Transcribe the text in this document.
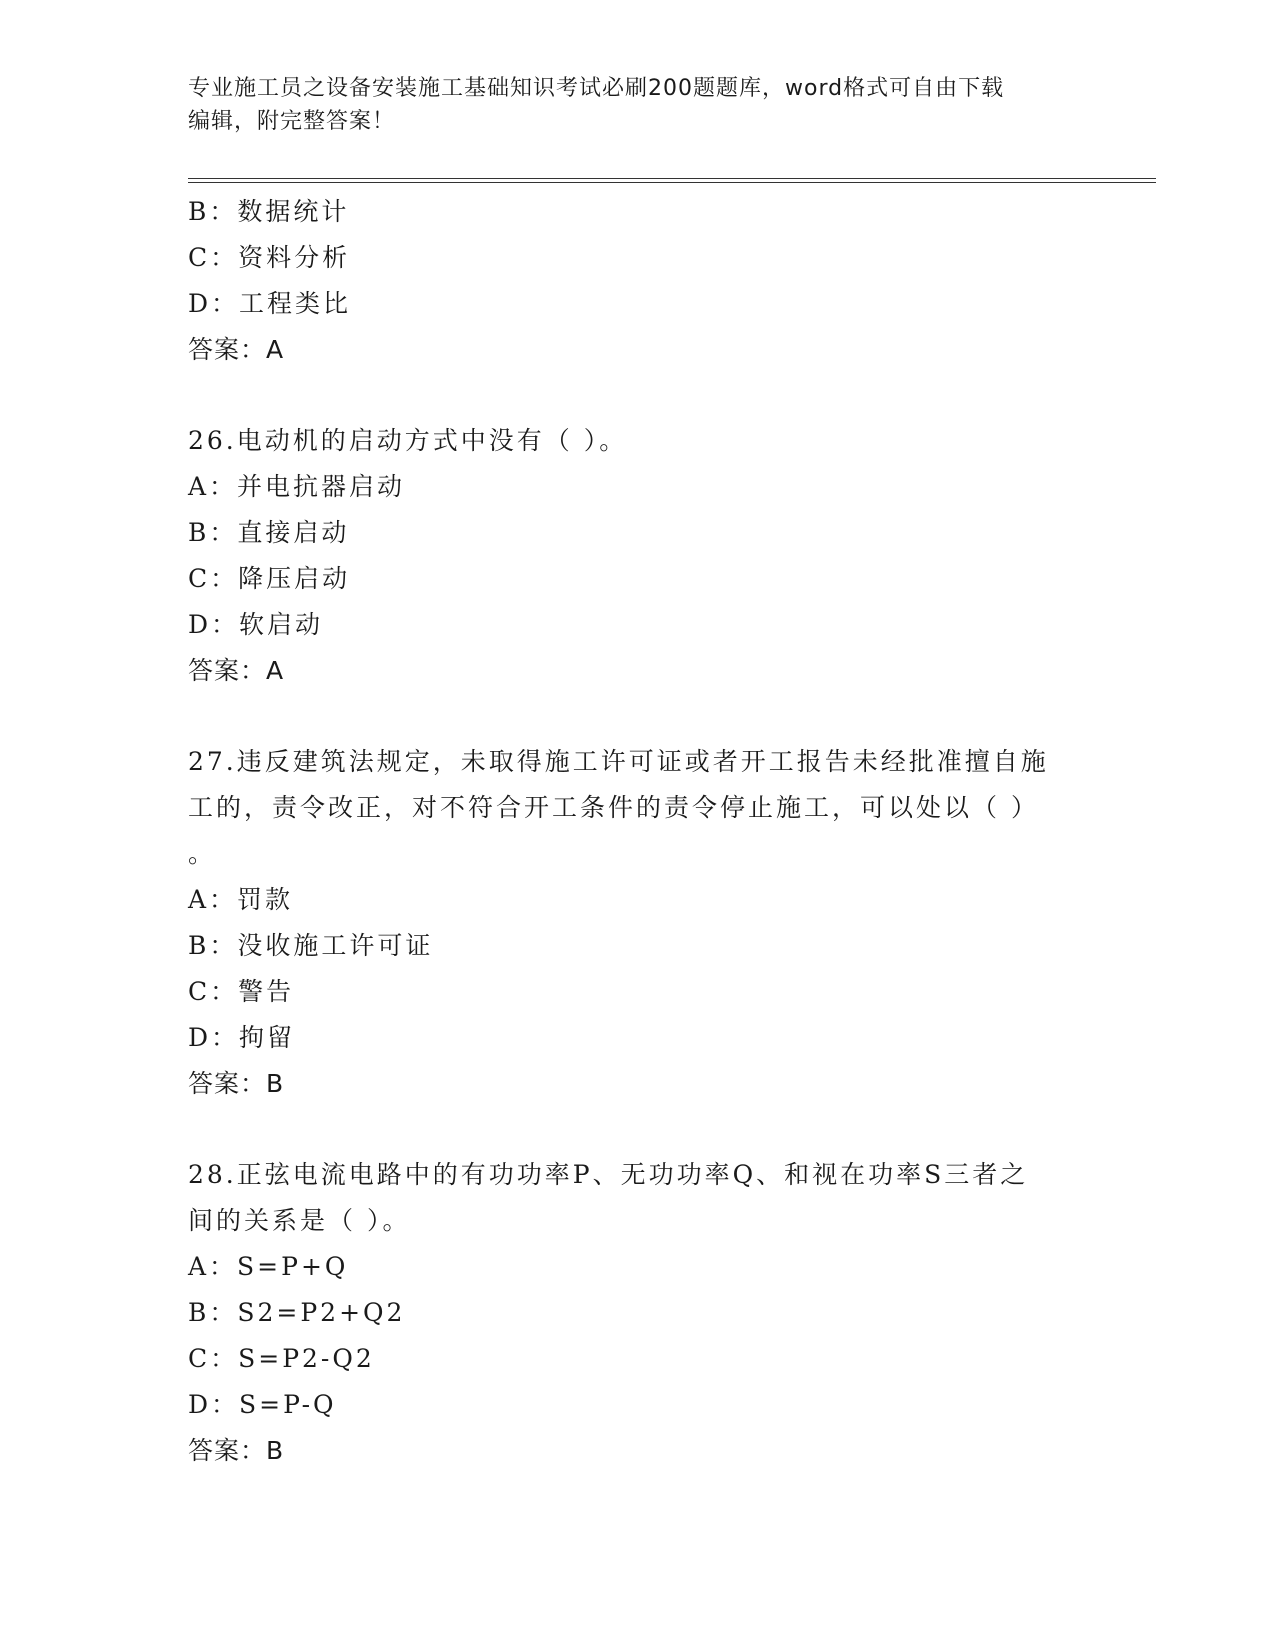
专业施工员之设备安装施工基础知识考试必刷200题题库，word格式可自由下载
编辑，附完整答案！
B：数据统计
C：资料分析
D：工程类比
答案：A
26.电动机的启动方式中没有（ ）。
A：并电抗器启动
B：直接启动
C：降压启动
D：软启动
答案：A
27.违反建筑法规定，未取得施工许可证或者开工报告未经批准擅自施
工的，责令改正，对不符合开工条件的责令停止施工，可以处以（ ）
。
A：罚款
B：没收施工许可证
C：警告
D：拘留
答案：B
28.正弦电流电路中的有功功率P、无功功率Q、和视在功率S三者之
间的关系是（ ）。
A：S=P+Q
B：S2=P2+Q2
C：S=P2-Q2
D：S=P-Q
答案：B
